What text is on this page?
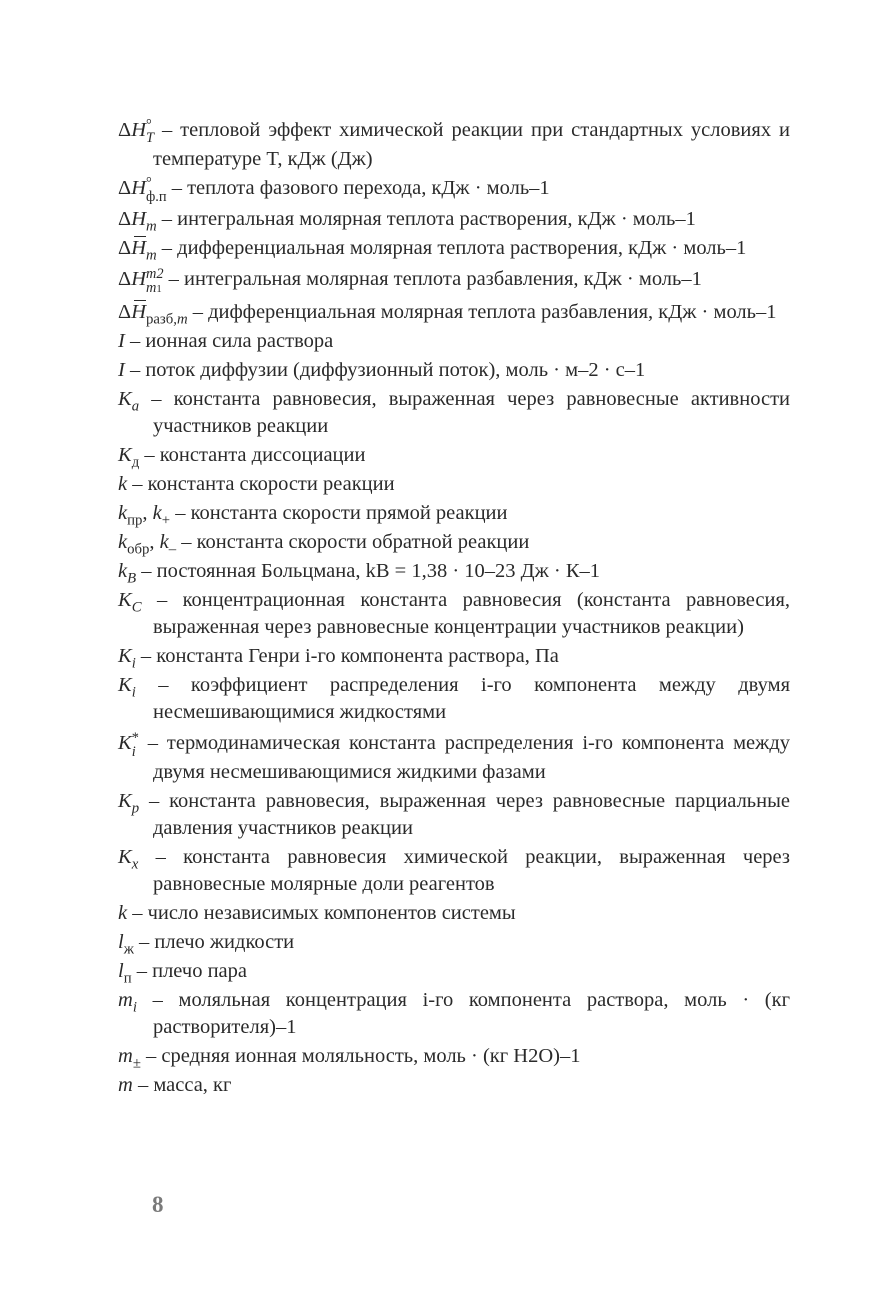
ΔH °
T – тепловой эффект химической реакции при стандартных условиях и температуре T, кДж (Дж)
ΔH °
ф.п – теплота фазового перехода, кДж · моль–1
$\Delta H_m$ – интегральная молярная теплота растворения, кДж · моль–1
$\Delta H_m$ – дифференциальная молярная теплота растворения, кДж · моль–1
ΔH m2
m1 – интегральная молярная теплота разбавления, кДж · моль–1
$\Delta H_{разб,m}$ – дифференциальная молярная теплота разбавления, кДж · моль–1
I – ионная сила раствора
I – поток диффузии (диффузионный поток), моль · м–2 · с–1
$K_a$ – константа равновесия, выраженная через равновесные активности участников реакции
$K_д$ – константа диссоциации
k – константа скорости реакции
$k_{пр}$, $k_+$ – константа скорости прямой реакции
$k_{обр}$, $k_-$ – константа скорости обратной реакции
$k_B$ – постоянная Больцмана, kB = 1,38 · 10–23 Дж · К–1
$K_C$ – концентрационная константа равновесия (константа равновесия, выраженная через равновесные концентрации участников реакции)
$K_i$ – константа Генри i-го компонента раствора, Па
$K_i$ – коэффициент распределения i-го компонента между двумя несмешивающимися жидкостями
K *
i – термодинамическая константа распределения i-го компонента между двумя несмешивающимися жидкими фазами
$K_p$ – константа равновесия, выраженная через равновесные парциальные давления участников реакции
$K_x$ – константа равновесия химической реакции, выраженная через равновесные молярные доли реагентов
k – число независимых компонентов системы
$l_ж$ – плечо жидкости
$l_п$ – плечо пара
$m_i$ – моляльная концентрация i-го компонента раствора, моль · (кг растворителя)–1
$m_\pm$ – средняя ионная моляльность, моль · (кг H2O)–1
m – масса, кг
8
